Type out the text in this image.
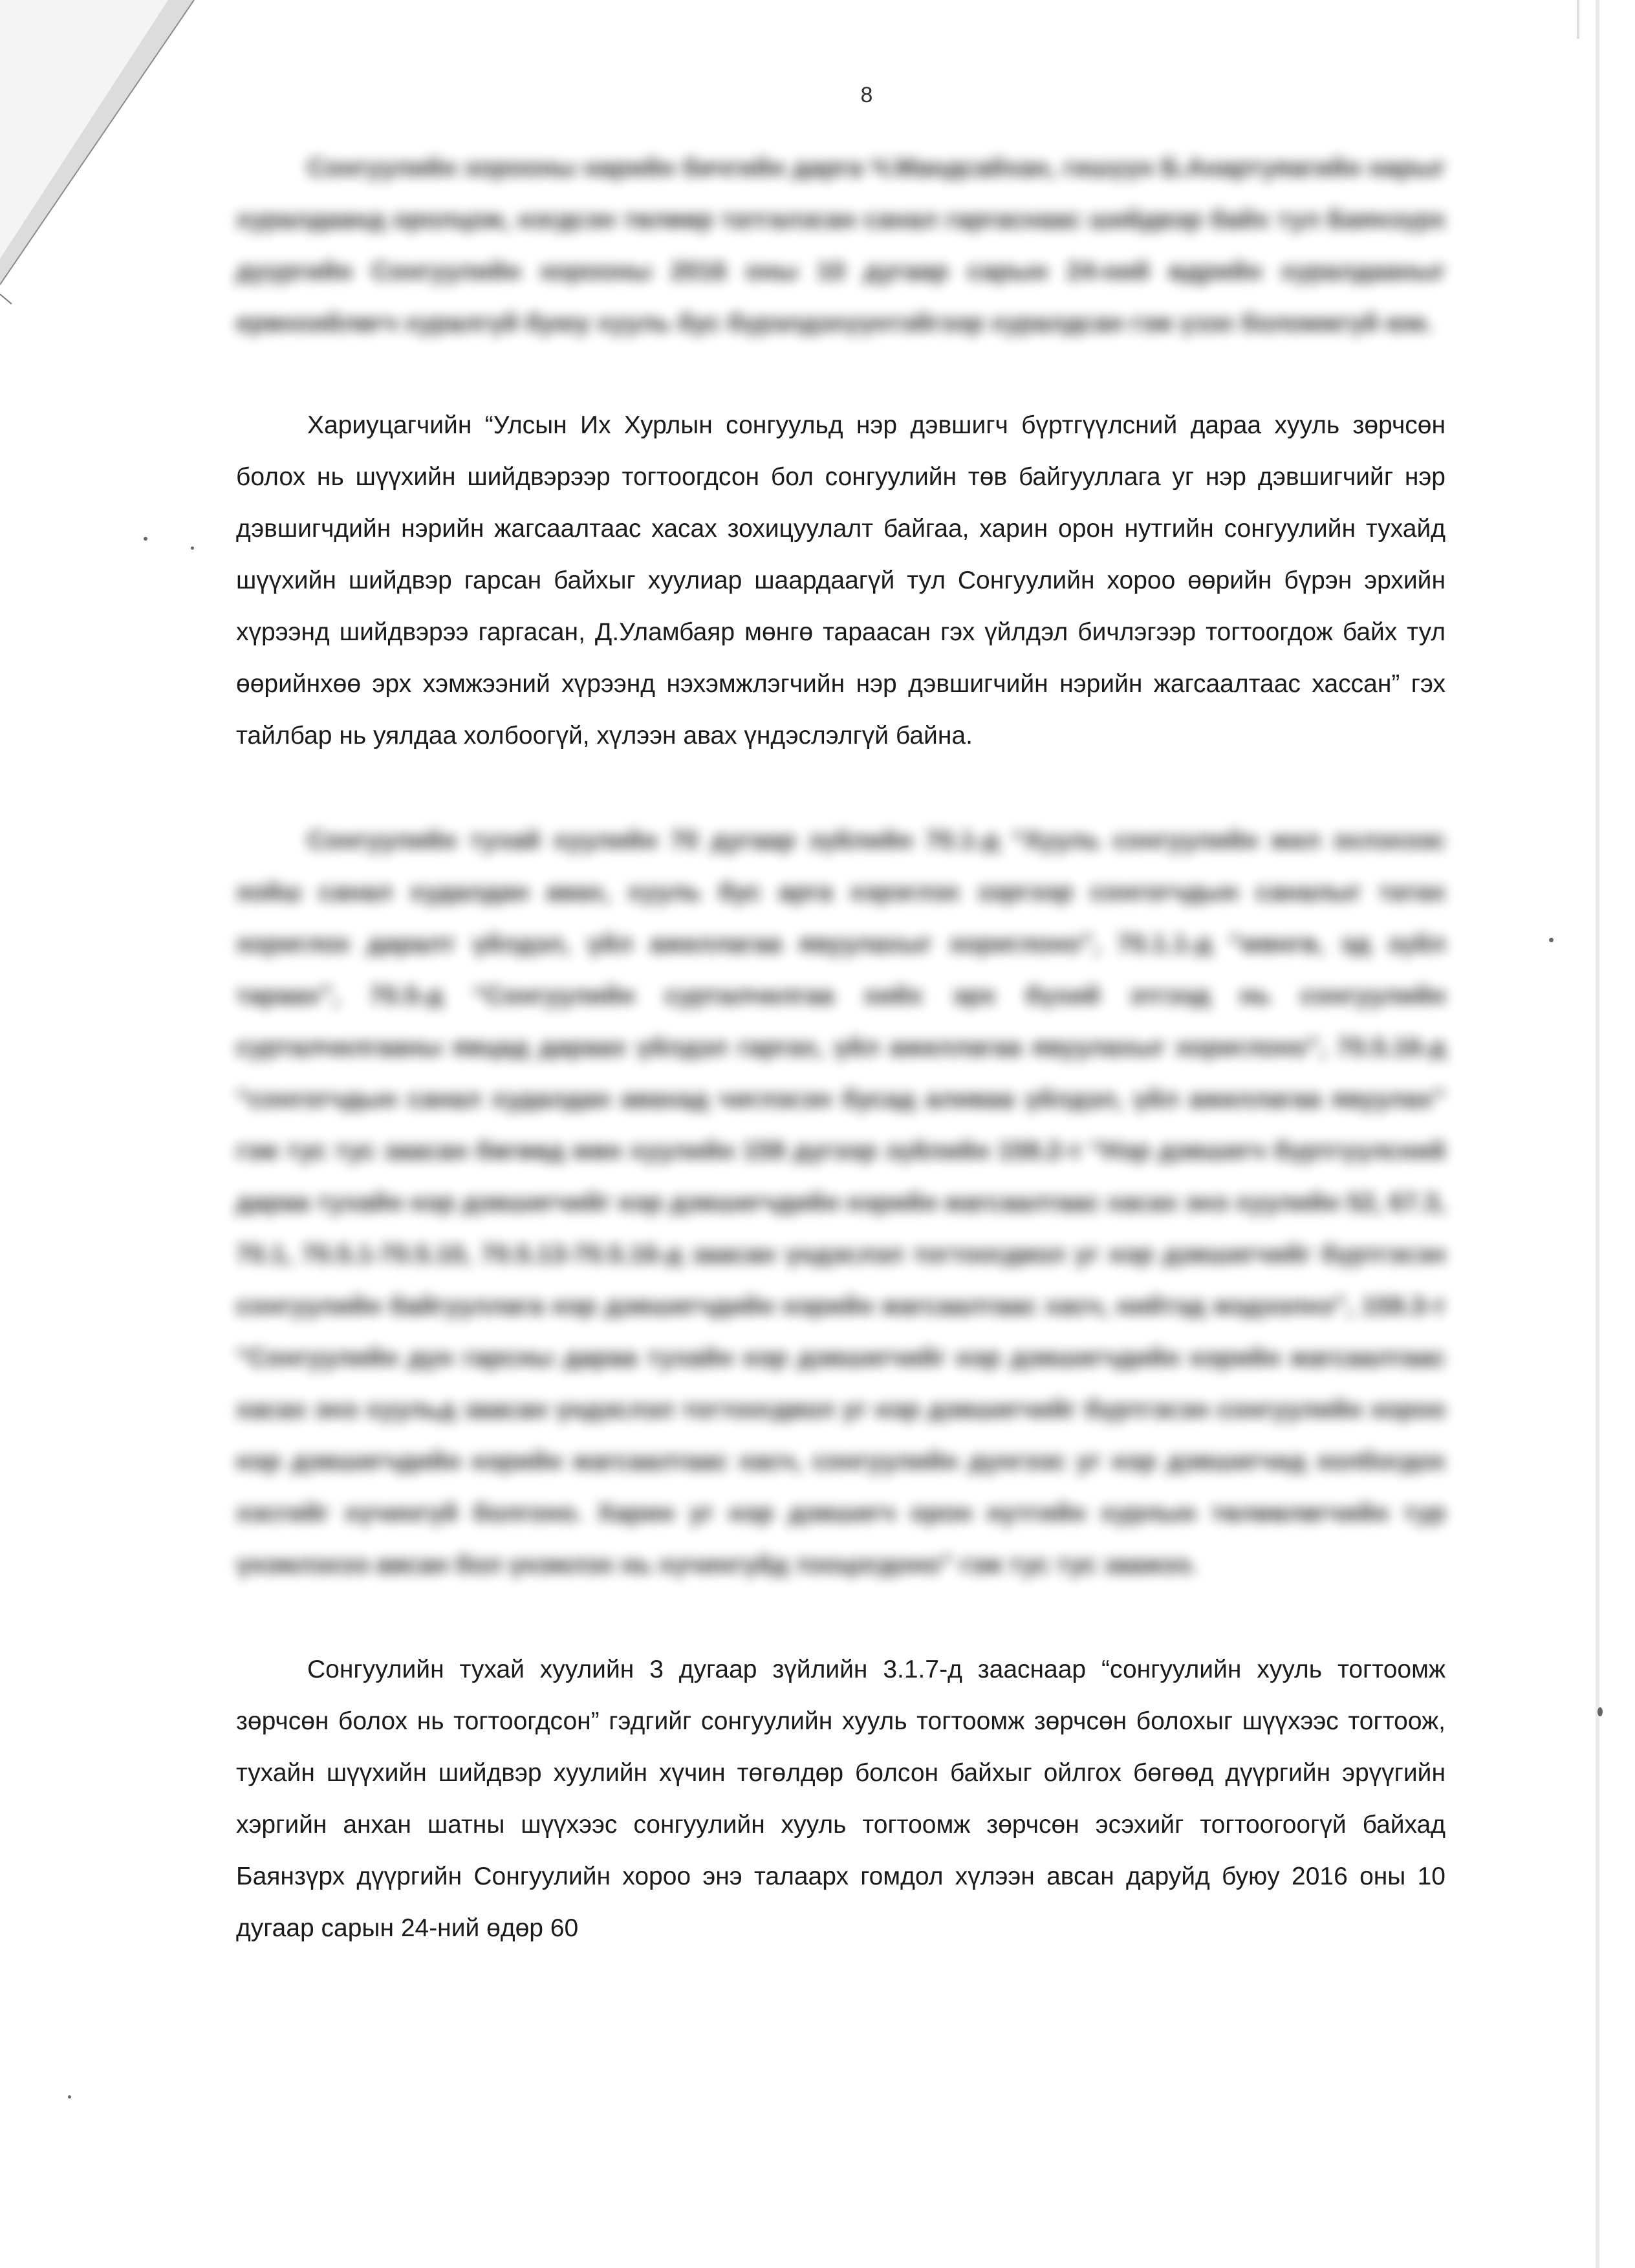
8

Сонгуулийн хорооны нарийн бичгийн дарга Ч.Мандсайхан, гишүүн Б.Анартуяагийн нарыг хуралдаанд оролцож, нэгдсэн төлөөр татгалзсан санал гаргаснаас шийдвэр байх тул Баянзүрх дүүргийн Сонгуулийн хорооны 2016 оны 10 дугаар сарын 24-ний өдрийн хуралдааныг ерөнхийлөгч хуралгүй буюу хууль бус бүрэлдэхүүнтэйгээр хуралдсан гэж үзэх боломжгүй юм.

Хариуцагчийн “Улсын Их Хурлын сонгуульд нэр дэвшигч бүртгүүлсний дараа хууль зөрчсөн болох нь шүүхийн шийдвэрээр тогтоогдсон бол сонгуулийн төв байгууллага уг нэр дэвшигчийг нэр дэвшигчдийн нэрийн жагсаалтаас хасах зохицуулалт байгаа, харин орон нутгийн сонгуулийн тухайд шүүхийн шийдвэр гарсан байхыг хуулиар шаардаагүй тул Сонгуулийн хороо өөрийн бүрэн эрхийн хүрээнд шийдвэрээ гаргасан, Д.Уламбаяр мөнгө тараасан гэх үйлдэл бичлэгээр тогтоогдож байх тул өөрийнхөө эрх хэмжээний хүрээнд нэхэмжлэгчийн нэр дэвшигчийн нэрийн жагсаалтаас хассан” гэх тайлбар нь уялдаа холбоогүй, хүлээн авах үндэслэлгүй байна.

Сонгуулийн тухай хуулийн 70 дугаар зүйлийн 70.1-д “Хууль сонгуулийн жил эхлэхээс хойш санал худалдан авах, хууль бус арга хэрэглэх зэргээр сонгогчдын саналыг татах хориглох даралт үйлдэл, үйл ажиллагаа явуулахыг хориглоно”, 70.1.1-д “мөнгө, эд зүйл тараах”, 70.5-д “Сонгуулийн сурталчилгаа хийх эрх бүхий этгээд нь сонгуулийн сурталчилгааны явцад дараах үйлдэл гаргах, үйл ажиллагаа явуулахыг хориглоно”, 70.5.16-д “сонгогчдын санал худалдан авахад чиглэсэн бусад аливаа үйлдэл, үйл ажиллагаа явуулах” гэж тус тус заасан бөгөөд мөн хуулийн 159 дүгээр зүйлийн 159.2-т “Нэр дэвшигч бүртгүүлсний дараа тухайн нэр дэвшигчийг нэр дэвшигчдийн нэрийн жагсаалтаас хасах энэ хуулийн 52, 67.3, 70.1, 70.5.1-70.5.10, 70.5.13-70.5.16-д заасан үндэслэл тогтоогдвол уг нэр дэвшигчийг бүртгэсэн сонгуулийн байгууллага нэр дэвшигчдийн нэрийн жагсаалтаас хасч, нийтэд мэдээлнэ”, 159.3-т “Сонгуулийн дүн гарсны дараа тухайн нэр дэвшигчийг нэр дэвшигчдийн нэрийн жагсаалтаас хасах энэ хуульд заасан үндэслэл тогтоогдвол уг нэр дэвшигчийг бүртгэсэн сонгуулийн хороо нэр дэвшигчдийн нэрийн жагсаалтаас хасч, сонгуулийн дүнгээс уг нэр дэвшигчид холбогдох хэсгийг хүчингүй болгоно. Харин уг нэр дэвшигч орон нутгийн хурлын төлөөлөгчийн тур үнэмлэхээ авсан бол үнэмлэх нь хүчингүйд тооцогдоно” гэж тус тус заажээ.

Сонгуулийн тухай хуулийн 3 дугаар зүйлийн 3.1.7-д зааснаар “сонгуулийн хууль тогтоомж зөрчсөн болох нь тогтоогдсон” гэдгийг сонгуулийн хууль тогтоомж зөрчсөн болохыг шүүхээс тогтоож, тухайн шүүхийн шийдвэр хуулийн хүчин төгөлдөр болсон байхыг ойлгох бөгөөд дүүргийн эрүүгийн хэргийн анхан шатны шүүхээс сонгуулийн хууль тогтоомж зөрчсөн эсэхийг тогтоогоогүй байхад Баянзүрх дүүргийн Сонгуулийн хороо энэ талаарх гомдол хүлээн авсан даруйд буюу 2016 оны 10 дугаар сарын 24-ний өдөр 60
